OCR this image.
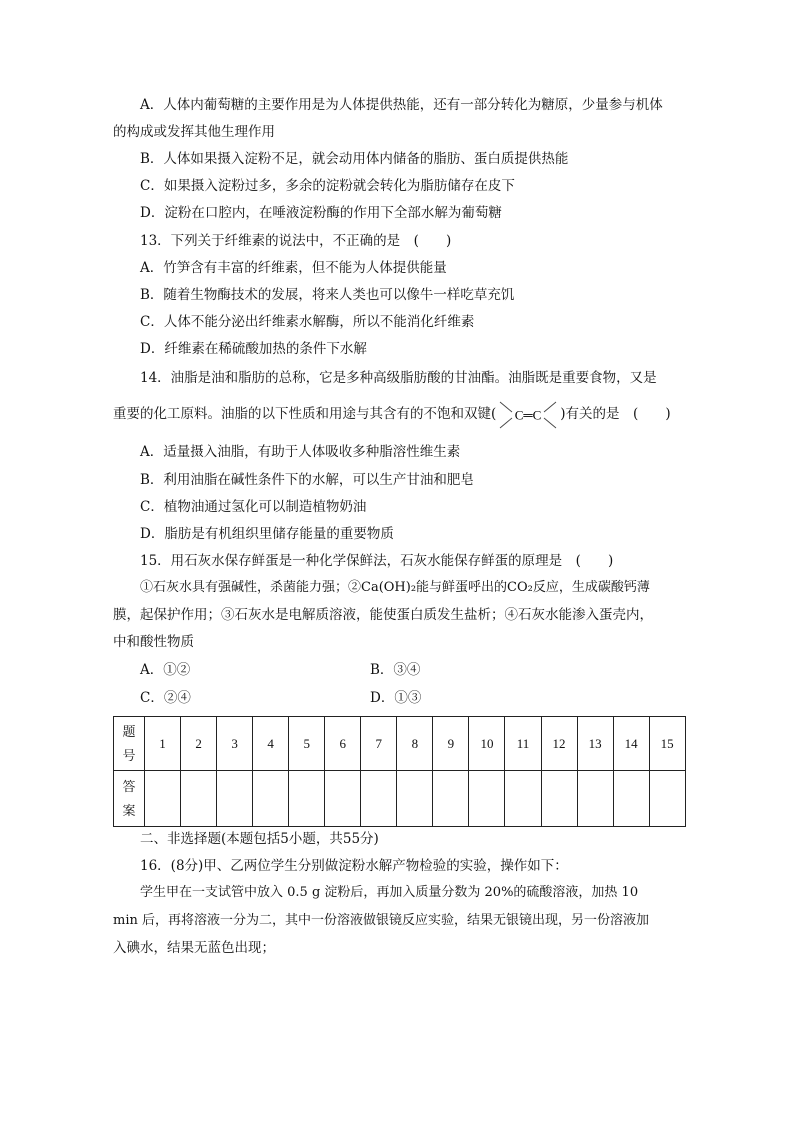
A．人体内葡萄糖的主要作用是为人体提供热能，还有一部分转化为糖原，少量参与机体
的构成或发挥其他生理作用
B．人体如果摄入淀粉不足，就会动用体内储备的脂肪、蛋白质提供热能
C．如果摄入淀粉过多，多余的淀粉就会转化为脂肪储存在皮下
D．淀粉在口腔内，在唾液淀粉酶的作用下全部水解为葡萄糖
13．下列关于纤维素的说法中，不正确的是　(　　)
A．竹笋含有丰富的纤维素，但不能为人体提供能量
B．随着生物酶技术的发展，将来人类也可以像牛一样吃草充饥
C．人体不能分泌出纤维素水解酶，所以不能消化纤维素
D．纤维素在稀硫酸加热的条件下水解
14．油脂是油和脂肪的总称，它是多种高级脂肪酸的甘油酯。油脂既是重要食物，又是
重要的化工原料。油脂的以下性质和用途与其含有的不饱和双键( C═C )有关的是　(　　)
A．适量摄入油脂，有助于人体吸收多种脂溶性维生素
B．利用油脂在碱性条件下的水解，可以生产甘油和肥皂
C．植物油通过氢化可以制造植物奶油
D．脂肪是有机组织里储存能量的重要物质
15．用石灰水保存鲜蛋是一种化学保鲜法，石灰水能保存鲜蛋的原理是　(　　)
①石灰水具有强碱性，杀菌能力强；②Ca(OH)₂能与鲜蛋呼出的CO₂反应，生成碳酸钙薄
膜，起保护作用；③石灰水是电解质溶液，能使蛋白质发生盐析；④石灰水能渗入蛋壳内，
中和酸性物质
A．①②	B．③④
C．②④	D．①③
题
号	1	2	3	4	5	6	7	8	9	10	11	12	13	14	15
答
案															
二、非选择题(本题包括5小题，共55分)
16．(8分)甲、乙两位学生分别做淀粉水解产物检验的实验，操作如下：
学生甲在一支试管中放入 0.5 g 淀粉后，再加入质量分数为 20%的硫酸溶液，加热 10
min 后，再将溶液一分为二，其中一份溶液做银镜反应实验，结果无银镜出现，另一份溶液加
入碘水，结果无蓝色出现；
